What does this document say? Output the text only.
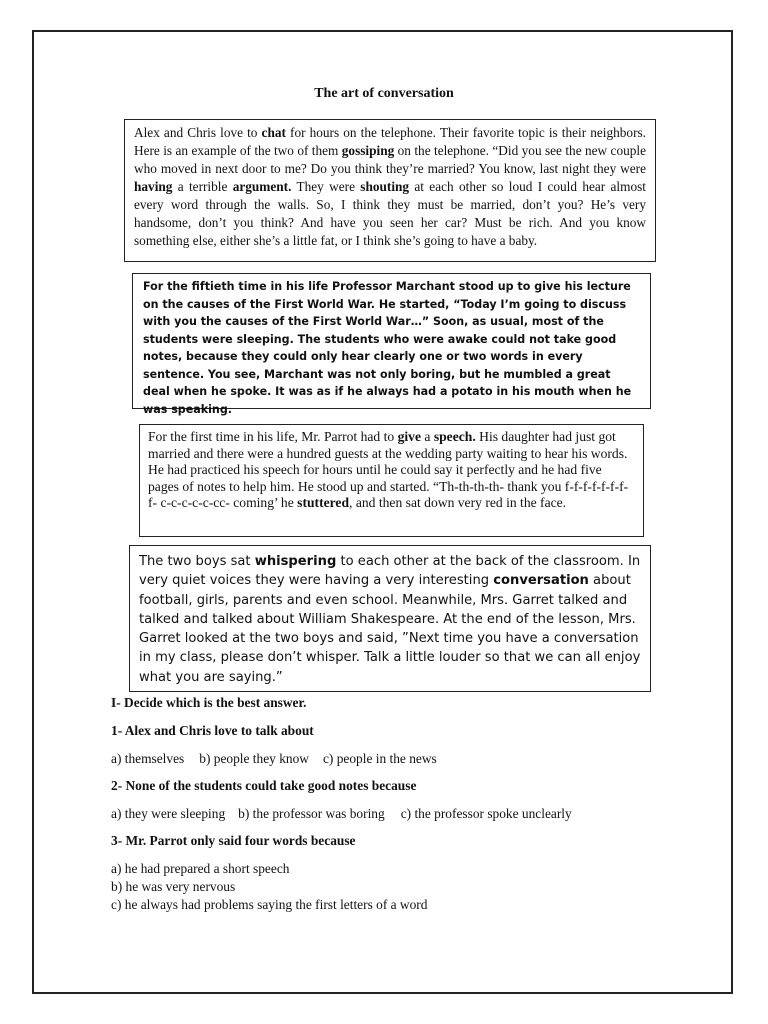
The art of conversation

Alex and Chris love to chat for hours on the telephone. Their favorite topic is their neighbors. Here is an example of the two of them gossiping on the telephone. “Did you see the new couple who moved in next door to me? Do you think they’re married? You know, last night they were having a terrible argument. They were shouting at each other so loud I could hear almost every word through the walls. So, I think they must be married, don’t you? He’s very handsome, don’t you think? And have you seen her car? Must be rich. And you know something else, either she’s a little fat, or I think she’s going to have a baby.

For the fiftieth time in his life Professor Marchant stood up to give his lecture on the causes of the First World War. He started, “Today I’m going to discuss with you the causes of the First World War…” Soon, as usual, most of the students were sleeping. The students who were awake could not take good notes, because they could only hear clearly one or two words in every sentence. You see, Marchant was not only boring, but he mumbled a great deal when he spoke. It was as if he always had a potato in his mouth when he was speaking.

For the first time in his life, Mr. Parrot had to give a speech. His daughter had just got married and there were a hundred guests at the wedding party waiting to hear his words. He had practiced his speech for hours until he could say it perfectly and he had five pages of notes to help him. He stood up and started. “Th-th-th-th- thank you f-f-f-f-f-f-f-f- c-c-c-c-c-cc- coming’ he stuttered, and then sat down very red in the face.

The two boys sat whispering to each other at the back of the classroom. In very quiet voices they were having a very interesting conversation about football, girls, parents and even school. Meanwhile, Mrs. Garret talked and talked and talked about William Shakespeare. At the end of the lesson, Mrs. Garret looked at the two boys and said, ”Next time you have a conversation in my class, please don’t whisper. Talk a little louder so that we can all enjoy what you are saying.”

I- Decide which is the best answer.
1- Alex and Chris love to talk about
a) themselves b) people they know c) people in the news
2- None of the students could take good notes because
a) they were sleeping b) the professor was boring c) the professor spoke unclearly
3- Mr. Parrot only said four words because
a) he had prepared a short speech
b) he was very nervous
c) he always had problems saying the first letters of a word
